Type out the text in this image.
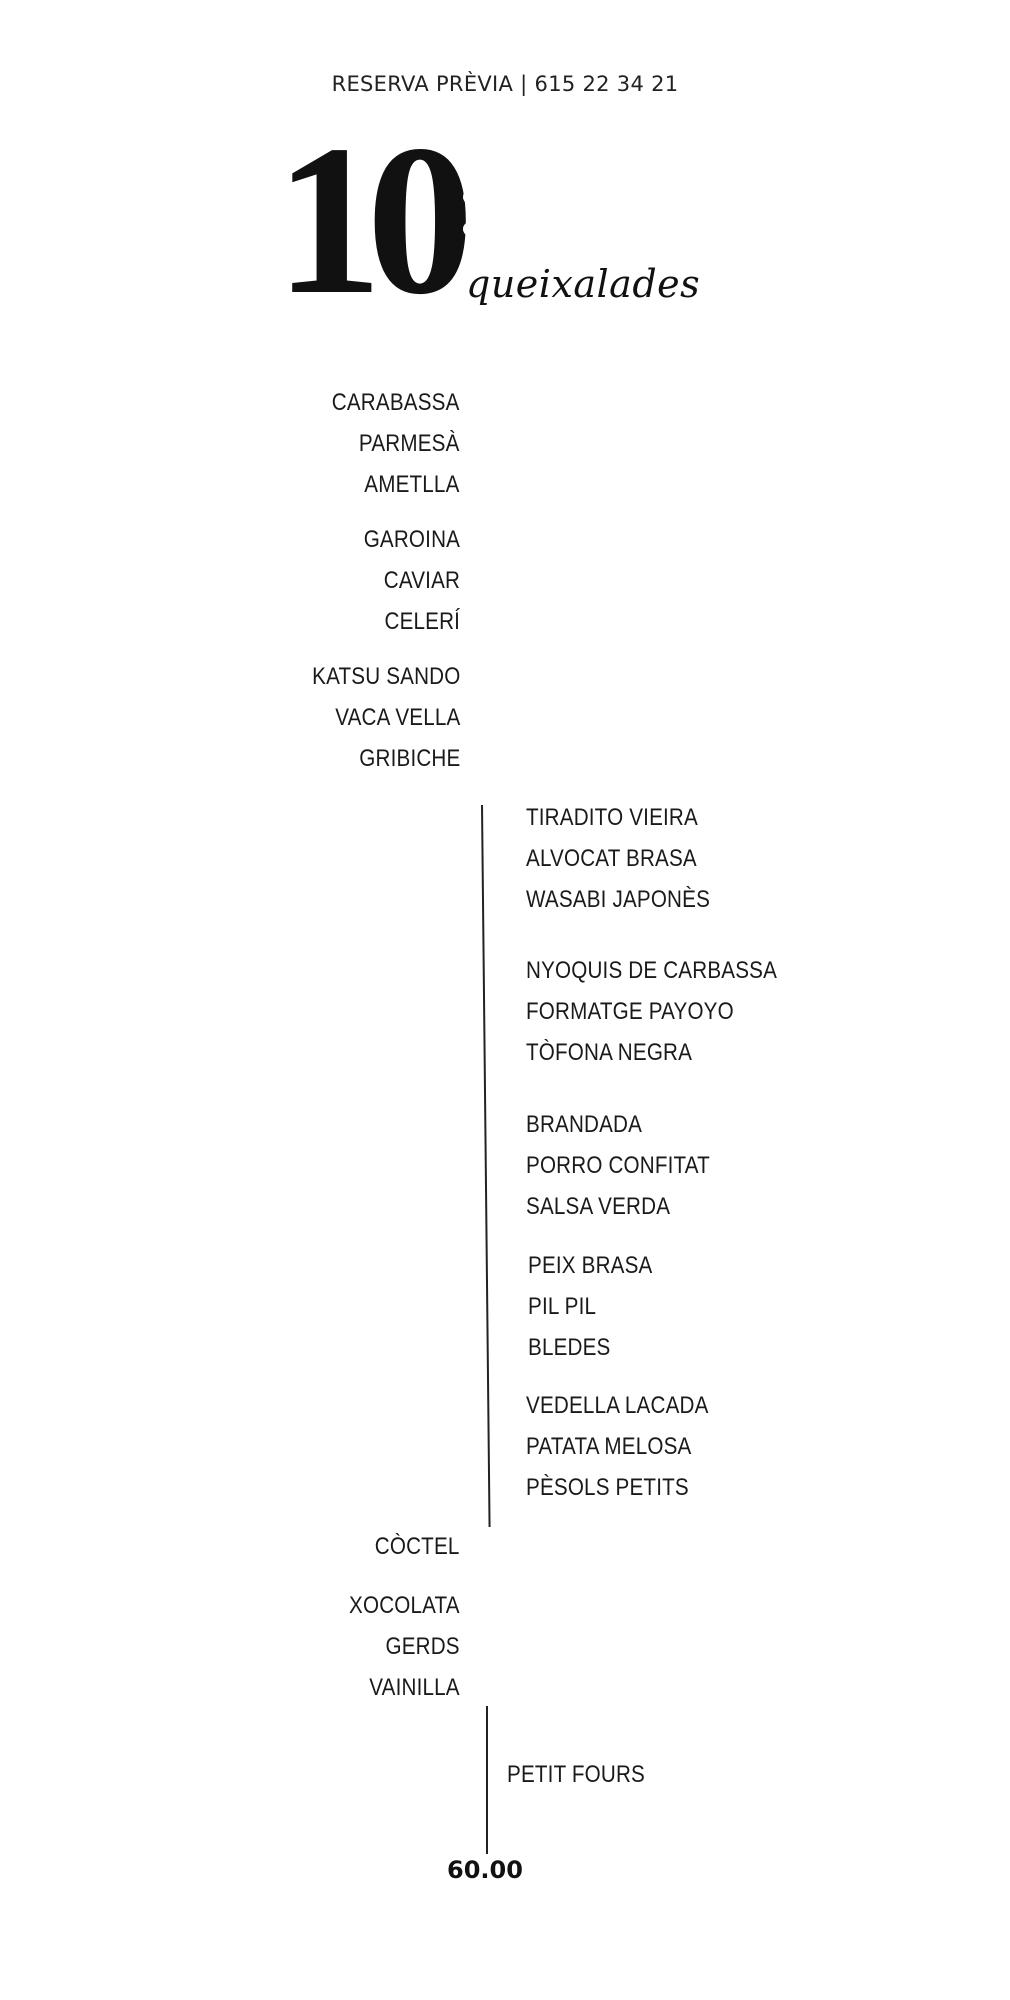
RESERVA PRÈVIA | 615 22 34 21
10 queixalades
CARABASSA
PARMESÀ
AMETLLA
GAROINA
CAVIAR
CELERÍ
KATSU SANDO
VACA VELLA
GRIBICHE
TIRADITO VIEIRA
ALVOCAT BRASA
WASABI JAPONÈS
NYOQUIS DE CARBASSA
FORMATGE PAYOYO
TÒFONA NEGRA
BRANDADA
PORRO CONFITAT
SALSA VERDA
PEIX BRASA
PIL PIL
BLEDES
VEDELLA LACADA
PATATA MELOSA
PÈSOLS PETITS
CÒCTEL
XOCOLATA
GERDS
VAINILLA
PETIT FOURS
60.00
